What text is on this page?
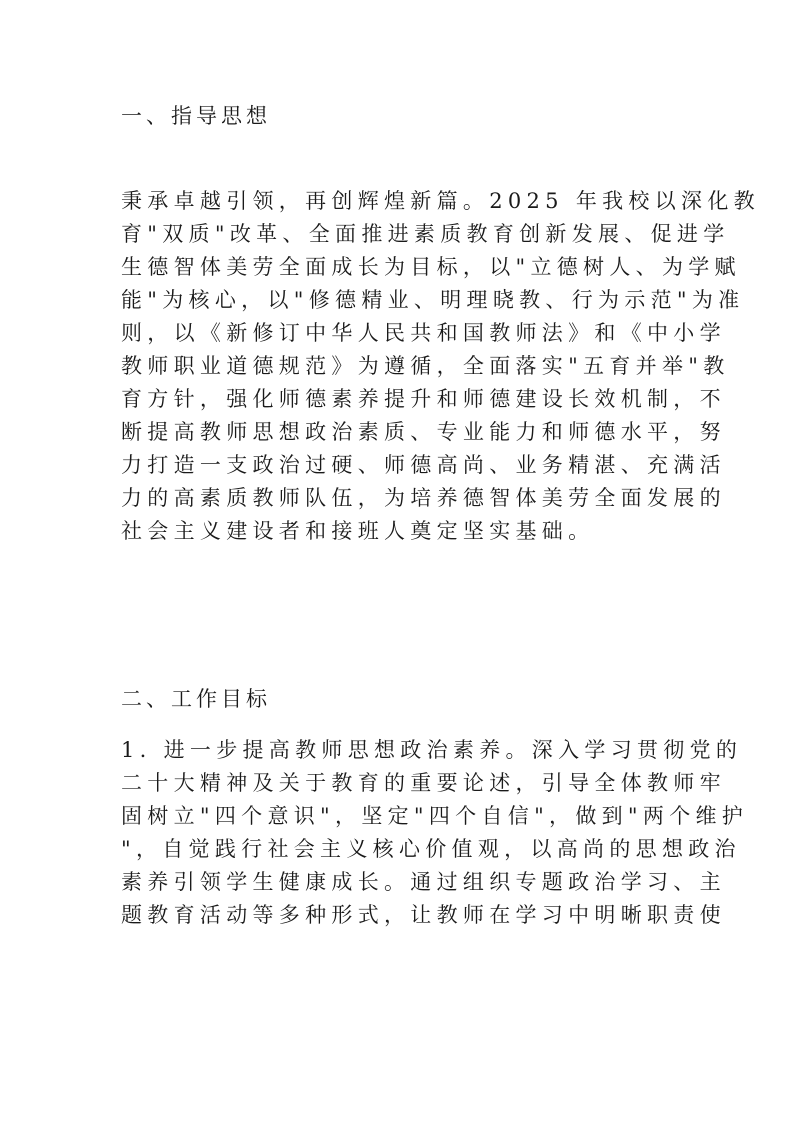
一、指导思想
秉承卓越引领，再创辉煌新篇。2025 年我校以深化教
育"双质"改革、全面推进素质教育创新发展、促进学
生德智体美劳全面成长为目标，以"立德树人、为学赋
能"为核心，以"修德精业、明理晓教、行为示范"为准
则，以《新修订中华人民共和国教师法》和《中小学
教师职业道德规范》为遵循，全面落实"五育并举"教
育方针，强化师德素养提升和师德建设长效机制，不
断提高教师思想政治素质、专业能力和师德水平，努
力打造一支政治过硬、师德高尚、业务精湛、充满活
力的高素质教师队伍，为培养德智体美劳全面发展的
社会主义建设者和接班人奠定坚实基础。
二、工作目标
1. 进一步提高教师思想政治素养。深入学习贯彻党的
二十大精神及关于教育的重要论述，引导全体教师牢
固树立"四个意识"，坚定"四个自信"，做到"两个维护
"，自觉践行社会主义核心价值观，以高尚的思想政治
素养引领学生健康成长。通过组织专题政治学习、主
题教育活动等多种形式，让教师在学习中明晰职责使
